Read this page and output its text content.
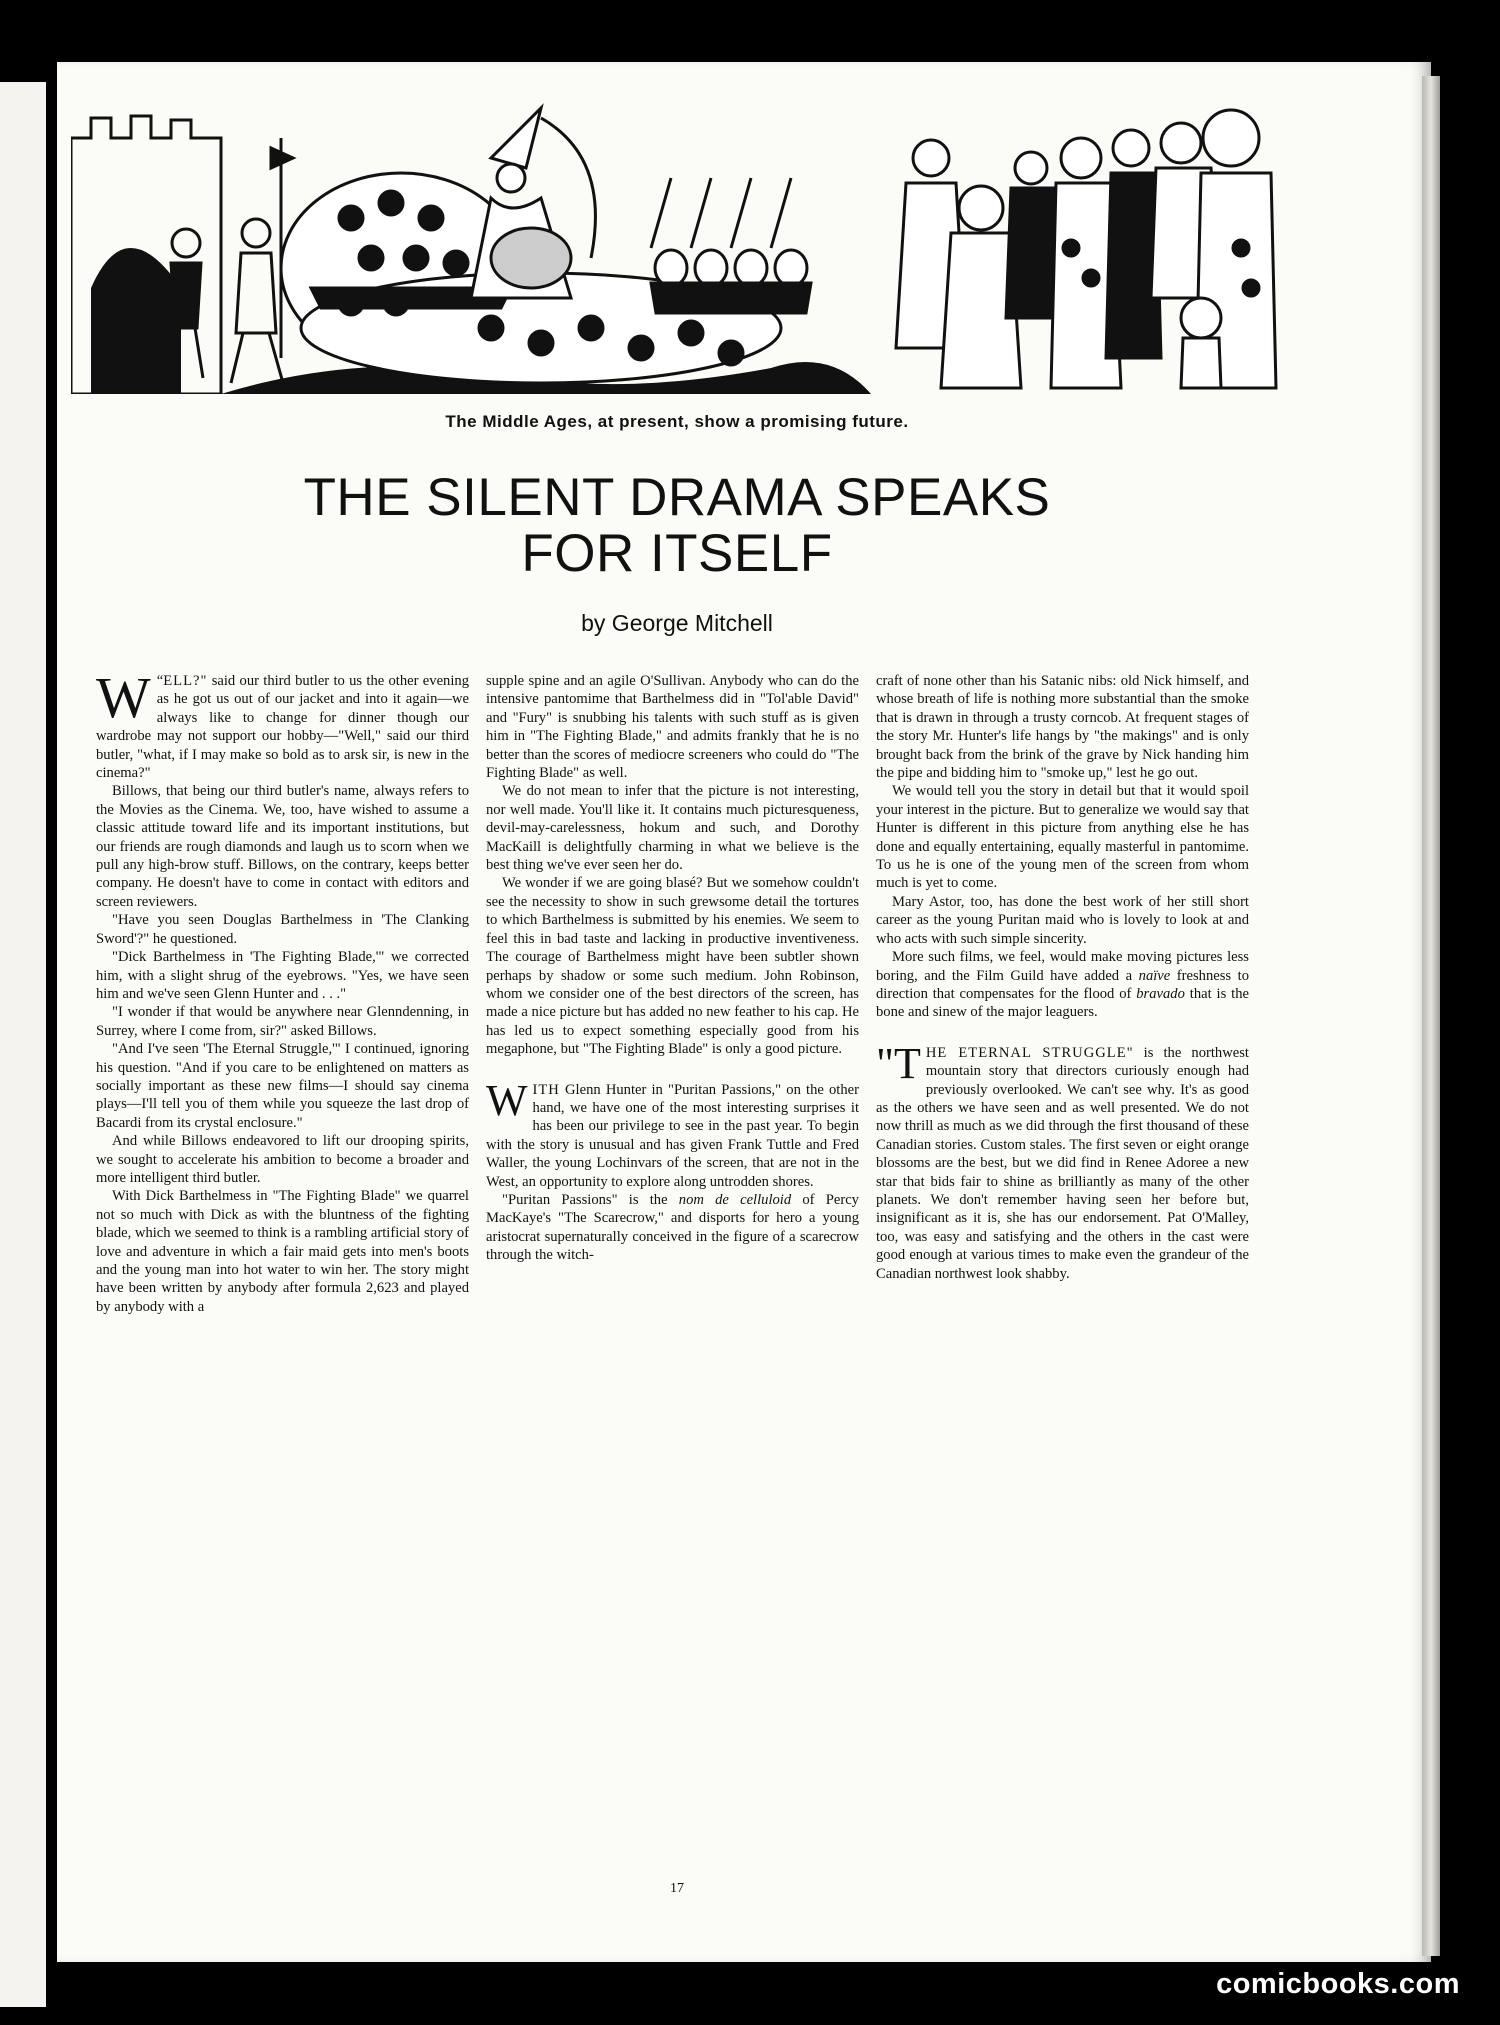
The Middle Ages, at present, show a promising future.
THE SILENT DRAMA SPEAKS
FOR ITSELF
by George Mitchell

W “ELL?" said our third butler to us the other evening as he got us out of our jacket and into it again—we always like to change for dinner though our wardrobe may not support our hobby—"Well," said our third butler, "what, if I may make so bold as to arsk sir, is new in the cinema?"

Billows, that being our third butler's name, always refers to the Movies as the Cinema. We, too, have wished to assume a classic attitude toward life and its important institutions, but our friends are rough diamonds and laugh us to scorn when we pull any high-brow stuff. Billows, on the contrary, keeps better company. He doesn't have to come in contact with editors and screen reviewers.

"Have you seen Douglas Barthelmess in 'The Clanking Sword'?" he questioned.

"Dick Barthelmess in 'The Fighting Blade,'" we corrected him, with a slight shrug of the eyebrows. "Yes, we have seen him and we've seen Glenn Hunter and . . ."

"I wonder if that would be anywhere near Glenndenning, in Surrey, where I come from, sir?" asked Billows.

"And I've seen 'The Eternal Struggle,'" I continued, ignoring his question. "And if you care to be enlightened on matters as socially important as these new films—I should say cinema plays—I'll tell you of them while you squeeze the last drop of Bacardi from its crystal enclosure."

And while Billows endeavored to lift our drooping spirits, we sought to accelerate his ambition to become a broader and more intelligent third butler.

With Dick Barthelmess in "The Fighting Blade" we quarrel not so much with Dick as with the bluntness of the fighting blade, which we seemed to think is a rambling artificial story of love and adventure in which a fair maid gets into men's boots and the young man into hot water to win her. The story might have been written by anybody after formula 2,623 and played by anybody with a

supple spine and an agile O'Sullivan. Anybody who can do the intensive pantomime that Barthelmess did in "Tol'able David" and "Fury" is snubbing his talents with such stuff as is given him in "The Fighting Blade," and admits frankly that he is no better than the scores of mediocre screeners who could do "The Fighting Blade" as well.

We do not mean to infer that the picture is not interesting, nor well made. You'll like it. It contains much picturesqueness, devil-may-carelessness, hokum and such, and Dorothy MacKaill is delightfully charming in what we believe is the best thing we've ever seen her do.

We wonder if we are going blasé? But we somehow couldn't see the necessity to show in such grewsome detail the tortures to which Barthelmess is submitted by his enemies. We seem to feel this in bad taste and lacking in productive inventiveness. The courage of Barthelmess might have been subtler shown perhaps by shadow or some such medium. John Robinson, whom we consider one of the best directors of the screen, has made a nice picture but has added no new feather to his cap. He has led us to expect something especially good from his megaphone, but "The Fighting Blade" is only a good picture.

WITH Glenn Hunter in "Puritan Passions," on the other hand, we have one of the most interesting surprises it has been our privilege to see in the past year. To begin with the story is unusual and has given Frank Tuttle and Fred Waller, the young Lochinvars of the screen, that are not in the West, an opportunity to explore along untrodden shores.

"Puritan Passions" is the nom de celluloid of Percy MacKaye's "The Scarecrow," and disports for hero a young aristocrat supernaturally conceived in the figure of a scarecrow through the witch-

craft of none other than his Satanic nibs: old Nick himself, and whose breath of life is nothing more substantial than the smoke that is drawn in through a trusty corncob. At frequent stages of the story Mr. Hunter's life hangs by "the makings" and is only brought back from the brink of the grave by Nick handing him the pipe and bidding him to "smoke up," lest he go out.

We would tell you the story in detail but that it would spoil your interest in the picture. But to generalize we would say that Hunter is different in this picture from anything else he has done and equally entertaining, equally masterful in pantomime. To us he is one of the young men of the screen from whom much is yet to come.

Mary Astor, too, has done the best work of her still short career as the young Puritan maid who is lovely to look at and who acts with such simple sincerity.

More such films, we feel, would make moving pictures less boring, and the Film Guild have added a naïve freshness to direction that compensates for the flood of bravado that is the bone and sinew of the major leaguers.

"THE ETERNAL STRUGGLE" is the northwest mountain story that directors curiously enough had previously overlooked. We can't see why. It's as good as the others we have seen and as well presented. We do not now thrill as much as we did through the first thousand of these Canadian stories. Custom stales. The first seven or eight orange blossoms are the best, but we did find in Renee Adoree a new star that bids fair to shine as brilliantly as many of the other planets. We don't remember having seen her before but, insignificant as it is, she has our endorsement. Pat O'Malley, too, was easy and satisfying and the others in the cast were good enough at various times to make even the grandeur of the Canadian northwest look shabby.

17
comicbooks.com
